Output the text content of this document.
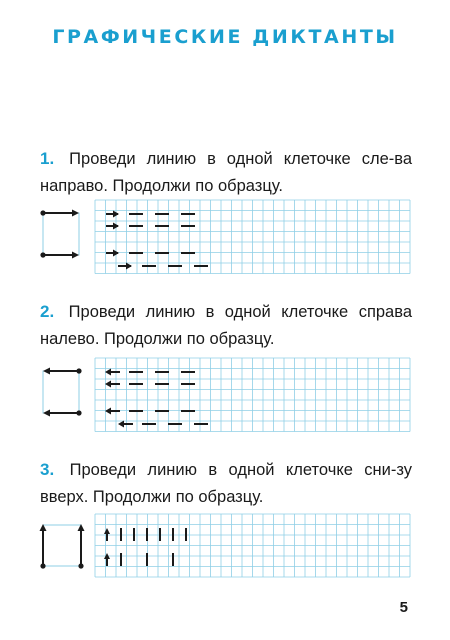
ГРАФИЧЕСКИЕ ДИКТАНТЫ
1. Проведи линию в одной клеточке сле-ва направо. Продолжи по образцу.
2. Проведи линию в одной клеточке справа налево. Продолжи по образцу.
3. Проведи линию в одной клеточке сни-зу вверх. Продолжи по образцу.
5
